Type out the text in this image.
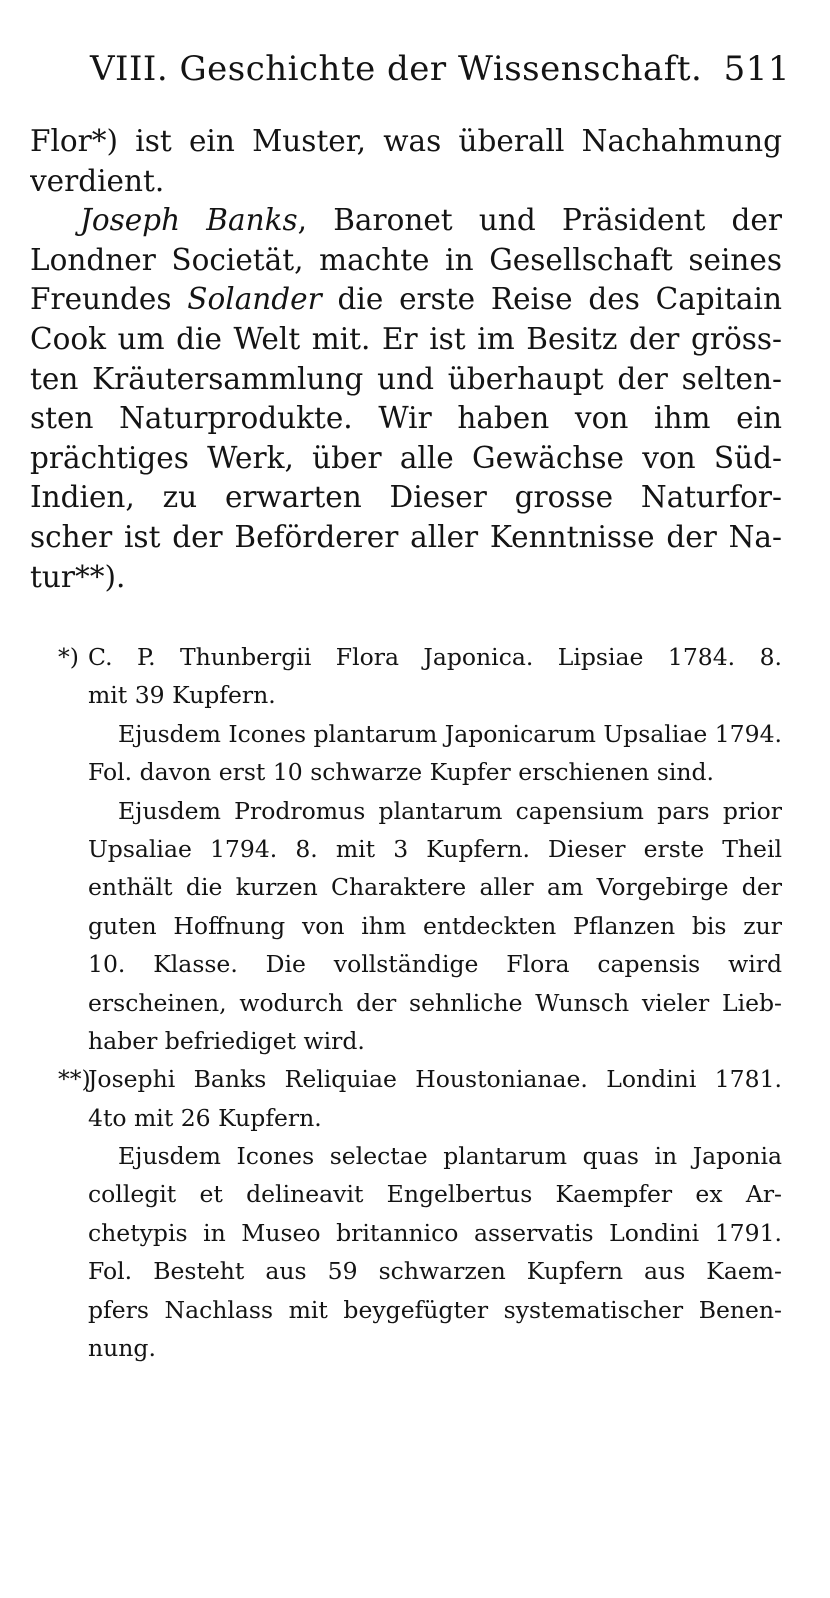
VIII. Geschichte der Wissenschaft. 511
Flor*) ist ein Muster, was überall Nachahmung
verdient.
Joseph Banks, Baronet und Präsident der
Londner Societät, machte in Gesellschaft seines
Freundes Solander die erste Reise des Capitain
Cook um die Welt mit. Er ist im Besitz der gröss-
ten Kräutersammlung und überhaupt der selten-
sten Naturprodukte. Wir haben von ihm ein
prächtiges Werk, über alle Gewächse von Süd-
Indien, zu erwarten Dieser grosse Naturfor-
scher ist der Beförderer aller Kenntnisse der Na-
tur**).
*) C. P. Thunbergii Flora Japonica. Lipsiae 1784. 8.
mit 39 Kupfern.
Ejusdem Icones plantarum Japonicarum Upsaliae 1794.
Fol. davon erst 10 schwarze Kupfer erschienen sind.
Ejusdem Prodromus plantarum capensium pars prior
Upsaliae 1794. 8. mit 3 Kupfern. Dieser erste Theil
enthält die kurzen Charaktere aller am Vorgebirge der
guten Hoffnung von ihm entdeckten Pflanzen bis zur
10. Klasse. Die vollständige Flora capensis wird
erscheinen, wodurch der sehnliche Wunsch vieler Lieb-
haber befriediget wird.
**)Josephi Banks Reliquiae Houstonianae. Londini 1781.
4to mit 26 Kupfern.
Ejusdem Icones selectae plantarum quas in Japonia
collegit et delineavit Engelbertus Kaempfer ex Ar-
chetypis in Museo britannico asservatis Londini 1791.
Fol. Besteht aus 59 schwarzen Kupfern aus Kaem-
pfers Nachlass mit beygefügter systematischer Benen-
nung.
